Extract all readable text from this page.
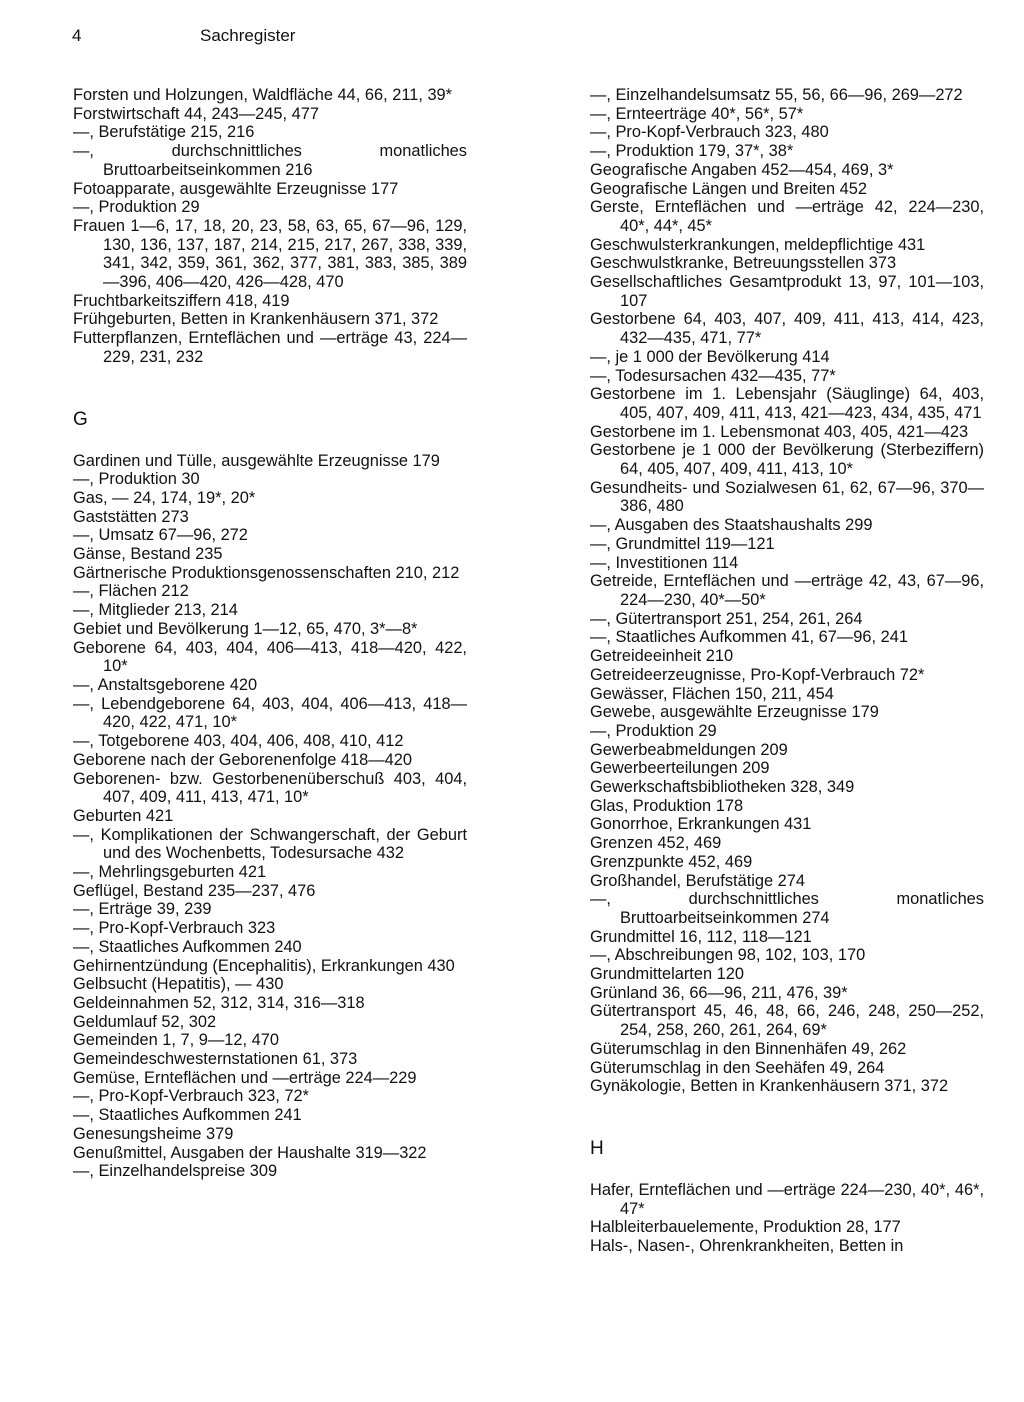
4	Sachregister

Forsten und Holzungen, Waldfläche 44, 66, 211, 39*

Forstwirtschaft 44, 243—245, 477

—, Berufstätige 215, 216

—, durchschnittliches monatliches Bruttoarbeitseinkommen 216

Fotoapparate, ausgewählte Erzeugnisse 177

—, Produktion 29

Frauen 1—6, 17, 18, 20, 23, 58, 63, 65, 67—96, 129, 130, 136, 137, 187, 214, 215, 217, 267, 338, 339, 341, 342, 359, 361, 362, 377, 381, 383, 385, 389—396, 406—420, 426—428, 470

Fruchtbarkeitsziffern 418, 419

Frühgeburten, Betten in Krankenhäusern 371, 372

Futterpflanzen, Ernteflächen und —erträge 43, 224—229, 231, 232

G

Gardinen und Tülle, ausgewählte Erzeugnisse 179

—, Produktion 30

Gas, — 24, 174, 19*, 20*

Gaststätten 273

—, Umsatz 67—96, 272

Gänse, Bestand 235

Gärtnerische Produktionsgenossenschaften 210, 212

—, Flächen 212

—, Mitglieder 213, 214

Gebiet und Bevölkerung 1—12, 65, 470, 3*—8*

Geborene 64, 403, 404, 406—413, 418—420, 422, 10*

—, Anstaltsgeborene 420

—, Lebendgeborene 64, 403, 404, 406—413, 418—420, 422, 471, 10*

—, Totgeborene 403, 404, 406, 408, 410, 412

Geborene nach der Geborenenfolge 418—420

Geborenen- bzw. Gestorbenenüberschuß 403, 404, 407, 409, 411, 413, 471, 10*

Geburten 421

—, Komplikationen der Schwangerschaft, der Geburt und des Wochenbetts, Todesursache 432

—, Mehrlingsgeburten 421

Geflügel, Bestand 235—237, 476

—, Erträge 39, 239

—, Pro-Kopf-Verbrauch 323

—, Staatliches Aufkommen 240

Gehirnentzündung (Encephalitis), Erkrankungen 430

Gelbsucht (Hepatitis), — 430

Geldeinnahmen 52, 312, 314, 316—318

Geldumlauf 52, 302

Gemeinden 1, 7, 9—12, 470

Gemeindeschwesternstationen 61, 373

Gemüse, Ernteflächen und —erträge 224—229

—, Pro-Kopf-Verbrauch 323, 72*

—, Staatliches Aufkommen 241

Genesungsheime 379

Genußmittel, Ausgaben der Haushalte 319—322

—, Einzelhandelspreise 309

—, Einzelhandelsumsatz 55, 56, 66—96, 269—272

—, Ernteerträge 40*, 56*, 57*

—, Pro-Kopf-Verbrauch 323, 480

—, Produktion 179, 37*, 38*

Geografische Angaben 452—454, 469, 3*

Geografische Längen und Breiten 452

Gerste, Ernteflächen und —erträge 42, 224—230, 40*, 44*, 45*

Geschwulsterkrankungen, meldepflichtige 431

Geschwulstkranke, Betreuungsstellen 373

Gesellschaftliches Gesamtprodukt 13, 97, 101—103, 107

Gestorbene 64, 403, 407, 409, 411, 413, 414, 423, 432—435, 471, 77*

—, je 1 000 der Bevölkerung 414

—, Todesursachen 432—435, 77*

Gestorbene im 1. Lebensjahr (Säuglinge) 64, 403, 405, 407, 409, 411, 413, 421—423, 434, 435, 471

Gestorbene im 1. Lebensmonat 403, 405, 421—423

Gestorbene je 1 000 der Bevölkerung (Sterbeziffern) 64, 405, 407, 409, 411, 413, 10*

Gesundheits- und Sozialwesen 61, 62, 67—96, 370—386, 480

—, Ausgaben des Staatshaushalts 299

—, Grundmittel 119—121

—, Investitionen 114

Getreide, Ernteflächen und —erträge 42, 43, 67—96, 224—230, 40*—50*

—, Gütertransport 251, 254, 261, 264

—, Staatliches Aufkommen 41, 67—96, 241

Getreideeinheit 210

Getreideerzeugnisse, Pro-Kopf-Verbrauch 72*

Gewässer, Flächen 150, 211, 454

Gewebe, ausgewählte Erzeugnisse 179

—, Produktion 29

Gewerbeabmeldungen 209

Gewerbeerteilungen 209

Gewerkschaftsbibliotheken 328, 349

Glas, Produktion 178

Gonorrhoe, Erkrankungen 431

Grenzen 452, 469

Grenzpunkte 452, 469

Großhandel, Berufstätige 274

—, durchschnittliches monatliches Bruttoarbeitseinkommen 274

Grundmittel 16, 112, 118—121

—, Abschreibungen 98, 102, 103, 170

Grundmittelarten 120

Grünland 36, 66—96, 211, 476, 39*

Gütertransport 45, 46, 48, 66, 246, 248, 250—252, 254, 258, 260, 261, 264, 69*

Güterumschlag in den Binnenhäfen 49, 262

Güterumschlag in den Seehäfen 49, 264

Gynäkologie, Betten in Krankenhäusern 371, 372

H

Hafer, Ernteflächen und —erträge 224—230, 40*, 46*, 47*

Halbleiterbauelemente, Produktion 28, 177

Hals-, Nasen-, Ohrenkrankheiten, Betten in
